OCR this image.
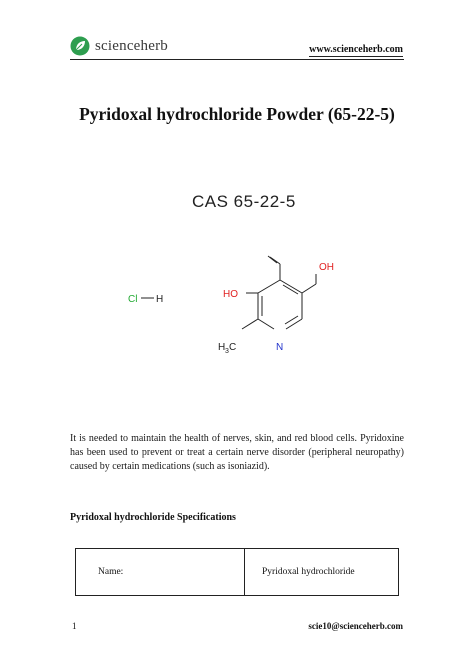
scienceherb	www.scienceherb.com
Pyridoxal hydrochloride Powder (65-22-5)
CAS 65-22-5
Cl H
OH
HO
H 3 C	N

It is needed to maintain the health of nerves, skin, and red blood cells. Pyridoxine has been used to prevent or treat a certain nerve disorder (peripheral neuropathy) caused by certain medications (such as isoniazid).

Pyridoxal hydrochloride Specifications
Name:	Pyridoxal hydrochloride
1	scie10@scienceherb.com
